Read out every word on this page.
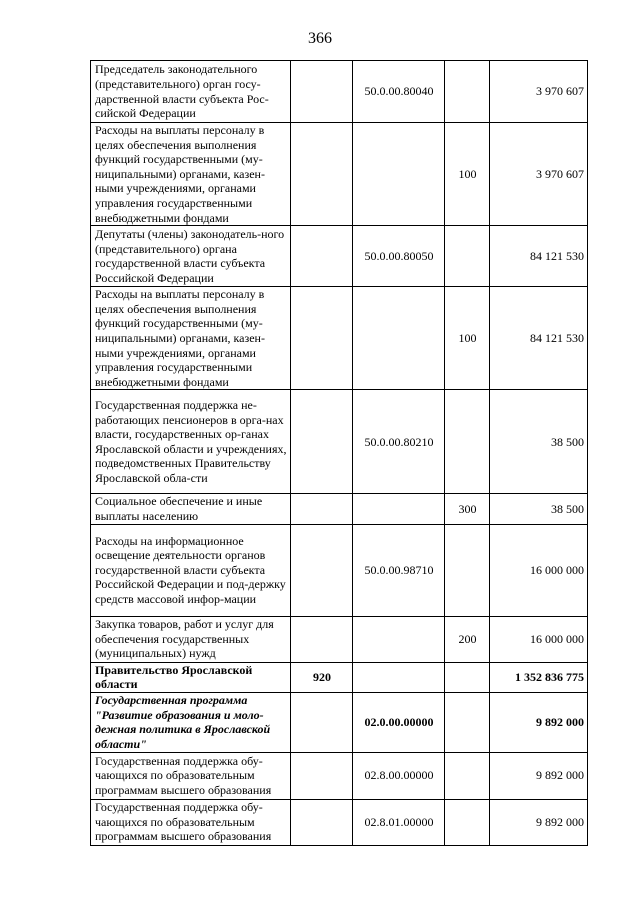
366
Председатель законодательного (представительного) орган госу-дарственной власти субъекта Рос-сийской Федерации		50.0.00.80040		3 970 607
Расходы на выплаты персоналу в целях обеспечения выполнения функций государственными (му-ниципальными) органами, казен-ными учреждениями, органами управления государственными внебюджетными фондами			100	3 970 607
Депутаты (члены) законодатель-ного (представительного) органа государственной власти субъекта Российской Федерации		50.0.00.80050		84 121 530
Расходы на выплаты персоналу в целях обеспечения выполнения функций государственными (му-ниципальными) органами, казен-ными учреждениями, органами управления государственными внебюджетными фондами			100	84 121 530
Государственная поддержка не-работающих пенсионеров в орга-нах власти, государственных ор-ганах Ярославской области и учреждениях, подведомственных Правительству Ярославской обла-сти		50.0.00.80210		38 500
Социальное обеспечение и иные выплаты населению			300	38 500
Расходы на информационное освещение деятельности органов государственной власти субъекта Российской Федерации и под-держку средств массовой инфор-мации		50.0.00.98710		16 000 000
Закупка товаров, работ и услуг для обеспечения государственных (муниципальных) нужд			200	16 000 000
Правительство Ярославской области	920			1 352 836 775
Государственная программа "Развитие образования и моло-дежная политика в Ярославской области"		02.0.00.00000		9 892 000
Государственная поддержка обу-чающихся по образовательным программам высшего образования		02.8.00.00000		9 892 000
Государственная поддержка обу-чающихся по образовательным программам высшего образования		02.8.01.00000		9 892 000
